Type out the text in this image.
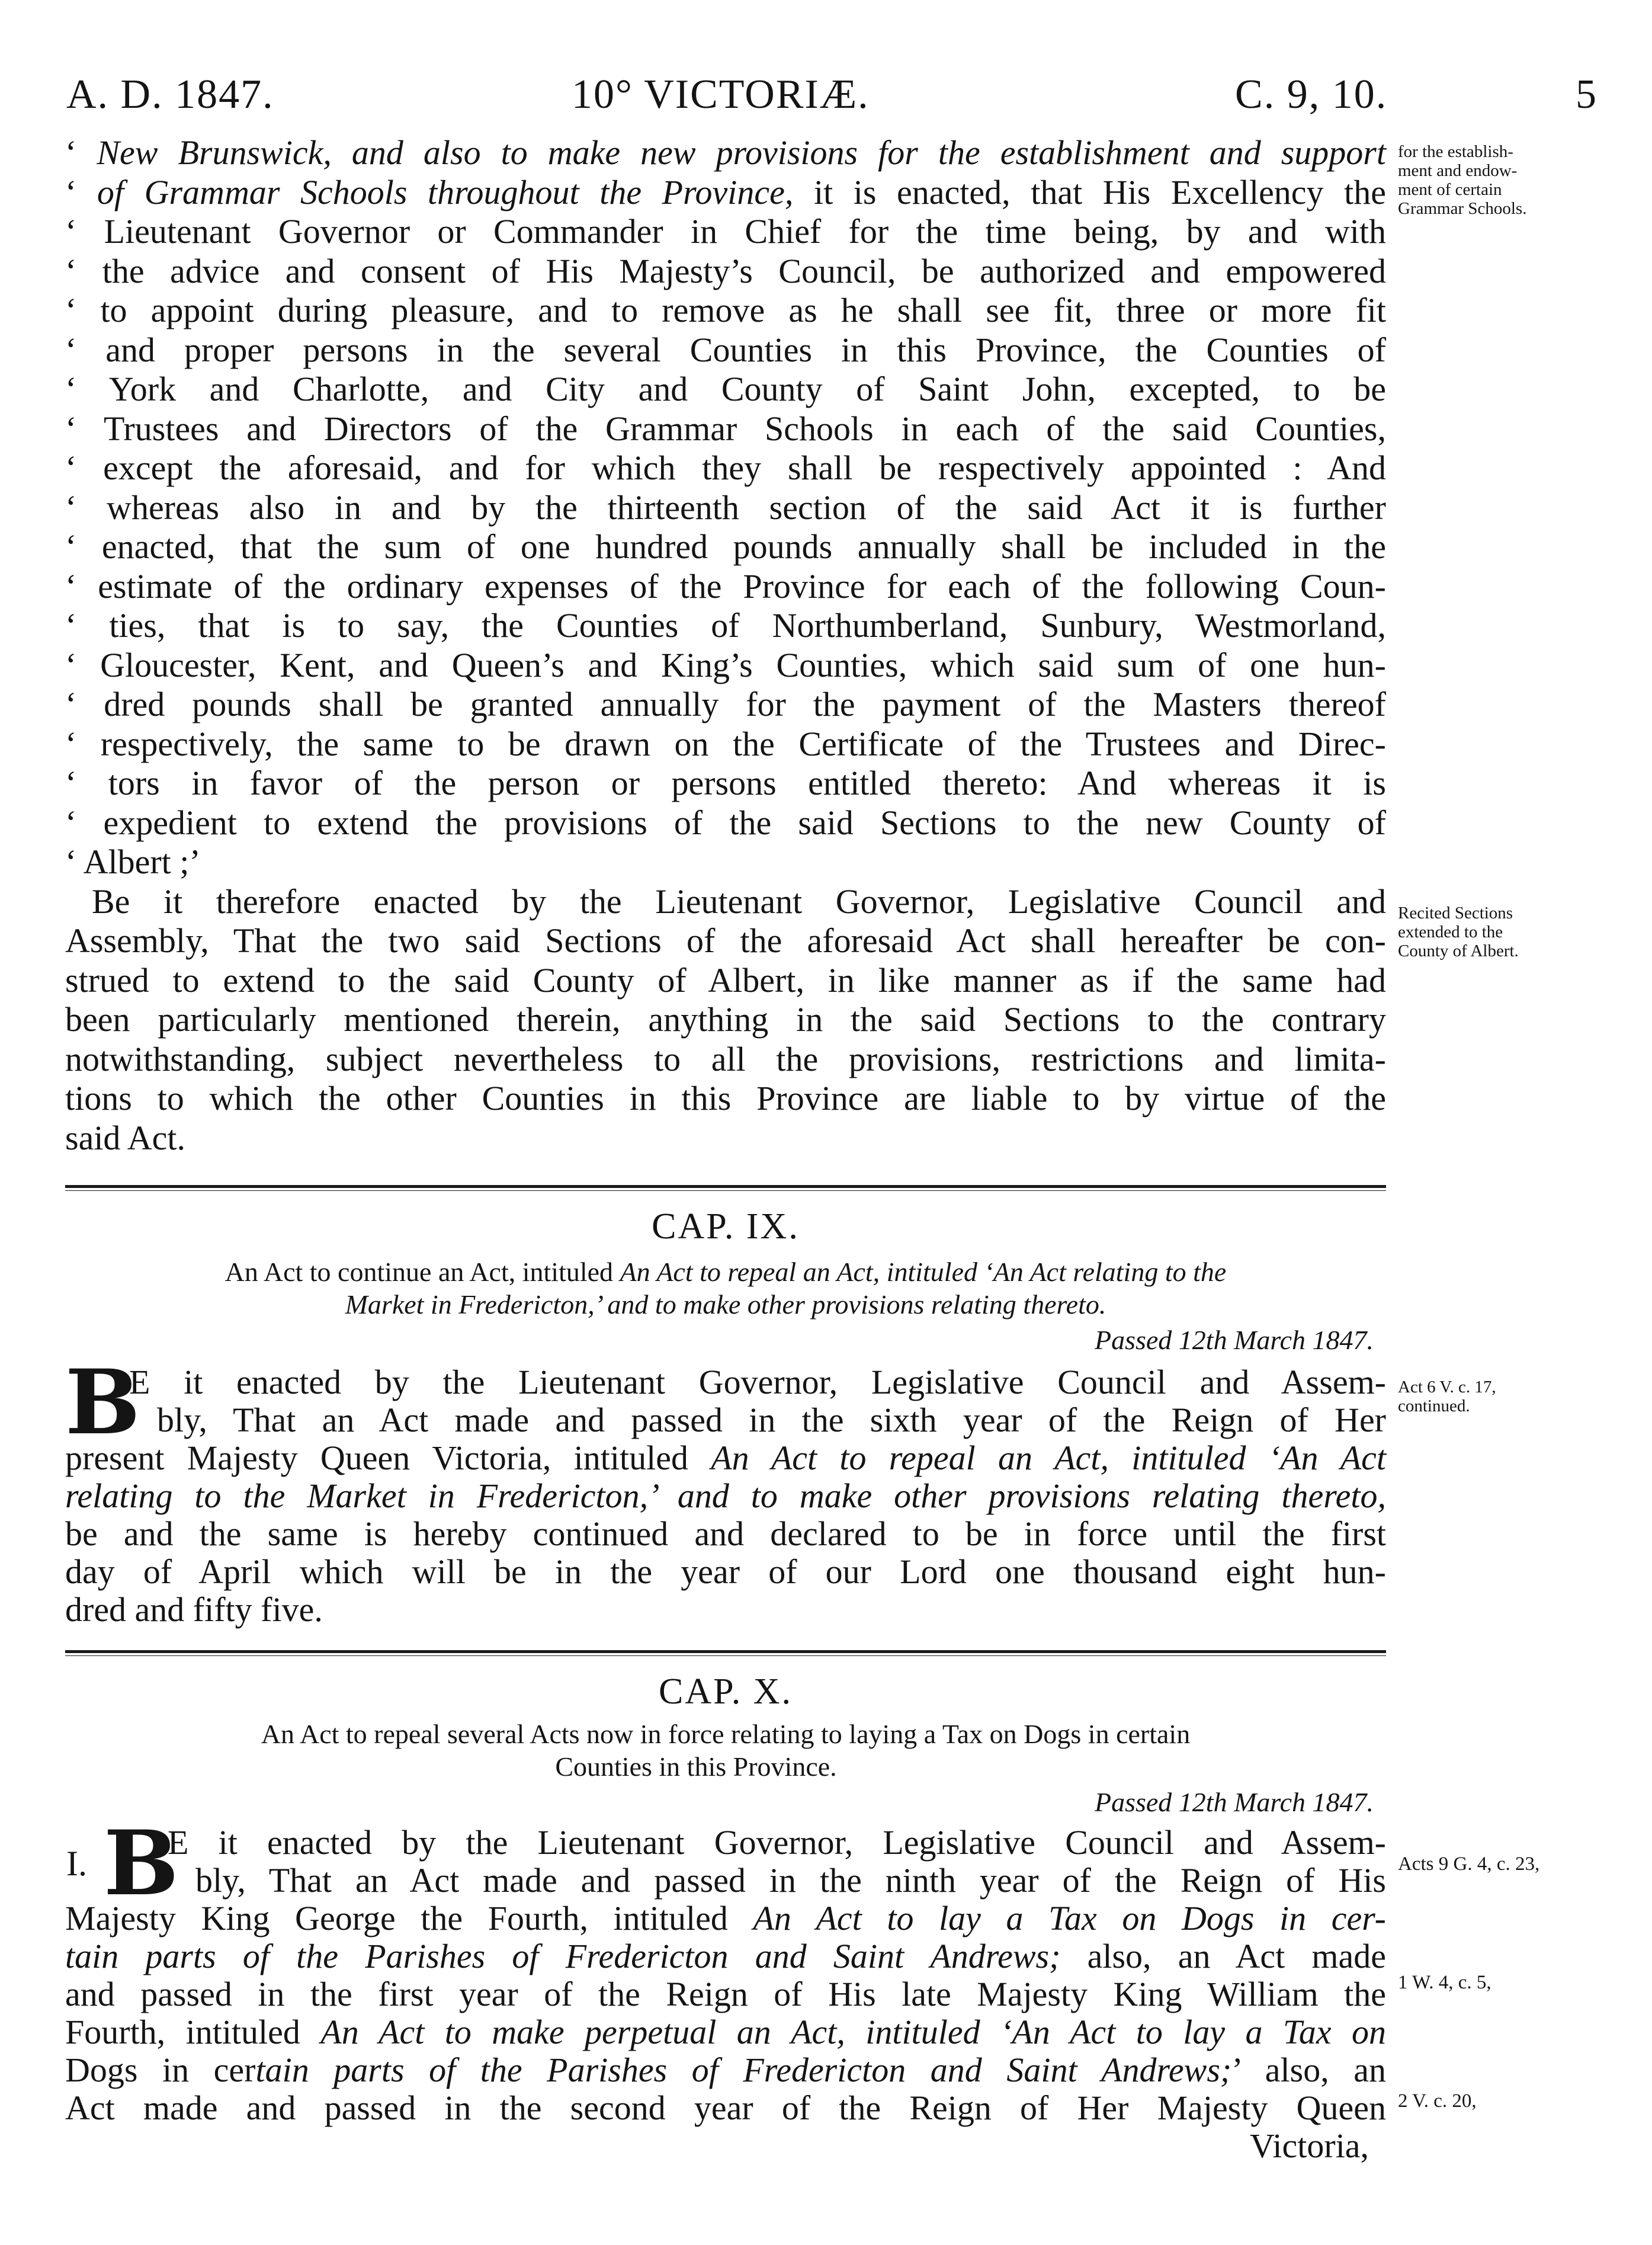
A. D. 1847.	10° VICTORIÆ.	C. 9, 10.	5
‘ New Brunswick, and also to make new provisions for the establishment and support
‘ of Grammar Schools throughout the Province, it is enacted, that His Excellency the
‘ Lieutenant Governor or Commander in Chief for the time being, by and with
‘ the advice and consent of His Majesty’s Council, be authorized and empowered
‘ to appoint during pleasure, and to remove as he shall see fit, three or more fit
‘ and proper persons in the several Counties in this Province, the Counties of
‘ York and Charlotte, and City and County of Saint John, excepted, to be
‘ Trustees and Directors of the Grammar Schools in each of the said Counties,
‘ except the aforesaid, and for which they shall be respectively appointed : And
‘ whereas also in and by the thirteenth section of the said Act it is further
‘ enacted, that the sum of one hundred pounds annually shall be included in the
‘ estimate of the ordinary expenses of the Province for each of the following Coun-
‘ ties, that is to say, the Counties of Northumberland, Sunbury, Westmorland,
‘ Gloucester, Kent, and Queen’s and King’s Counties, which said sum of one hun-
‘ dred pounds shall be granted annually for the payment of the Masters thereof
‘ respectively, the same to be drawn on the Certificate of the Trustees and Direc-
‘ tors in favor of the person or persons entitled thereto: And whereas it is
‘ expedient to extend the provisions of the said Sections to the new County of
‘ Albert ;’
Be it therefore enacted by the Lieutenant Governor, Legislative Council and
Assembly, That the two said Sections of the aforesaid Act shall hereafter be con-
strued to extend to the said County of Albert, in like manner as if the same had
been particularly mentioned therein, anything in the said Sections to the contrary
notwithstanding, subject nevertheless to all the provisions, restrictions and limita-
tions to which the other Counties in this Province are liable to by virtue of the
said Act.
for the establish-
ment and endow-
ment of certain
Grammar Schools.
Recited Sections
extended to the
County of Albert.
CAP. IX.
An Act to continue an Act, intituled An Act to repeal an Act, intituled ‘An Act relating to the
Market in Fredericton,’ and to make other provisions relating thereto.
Passed 12th March 1847.
B
E it enacted by the Lieutenant Governor, Legislative Council and Assem-
bly, That an Act made and passed in the sixth year of the Reign of Her
present Majesty Queen Victoria, intituled An Act to repeal an Act, intituled ‘An Act
relating to the Market in Fredericton,’ and to make other provisions relating thereto,
be and the same is hereby continued and declared to be in force until the first
day of April which will be in the year of our Lord one thousand eight hun-
dred and fifty five.
Act 6 V. c. 17,
continued.
CAP. X.
An Act to repeal several Acts now in force relating to laying a Tax on Dogs in certain
Counties in this Province.
Passed 12th March 1847.
I. B
E it enacted by the Lieutenant Governor, Legislative Council and Assem-
bly, That an Act made and passed in the ninth year of the Reign of His
Majesty King George the Fourth, intituled An Act to lay a Tax on Dogs in cer-
tain parts of the Parishes of Fredericton and Saint Andrews; also, an Act made
and passed in the first year of the Reign of His late Majesty King William the
Fourth, intituled An Act to make perpetual an Act, intituled ‘An Act to lay a Tax on
Dogs in certain parts of the Parishes of Fredericton and Saint Andrews;’ also, an
Act made and passed in the second year of the Reign of Her Majesty Queen
Victoria,
Acts 9 G. 4, c. 23,
1 W. 4, c. 5,
2 V. c. 20,
